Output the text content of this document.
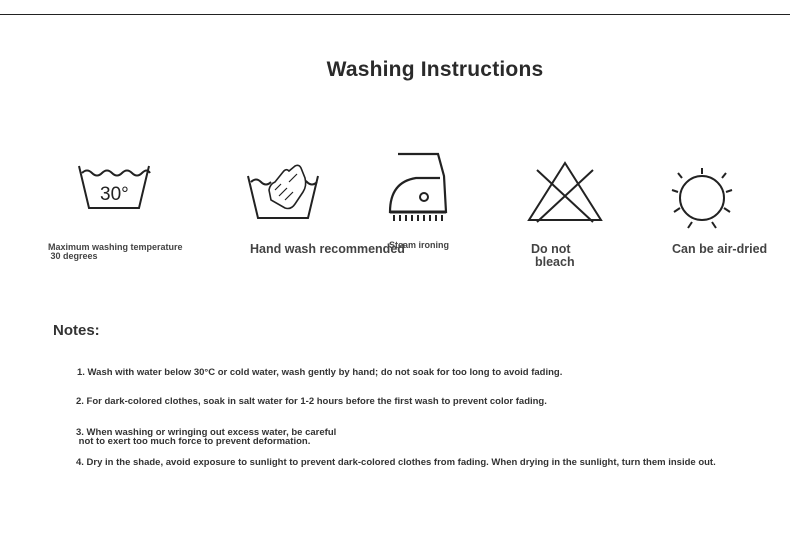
Washing Instructions
30°
Maximum washing temperature
30 degrees	Hand wash recommended
Steam ironing	Do not
bleach
Can be air-dried
Notes:
1. Wash with water below 30°C or cold water, wash gently by hand; do not soak for too long to avoid fading.
2. For dark-colored clothes, soak in salt water for 1-2 hours before the first wash to prevent color fading.
3. When washing or wringing out excess water, be careful
not to exert too much force to prevent deformation.
4. Dry in the shade, avoid exposure to sunlight to prevent dark-colored clothes from fading. When drying in the sunlight, turn them inside out.
